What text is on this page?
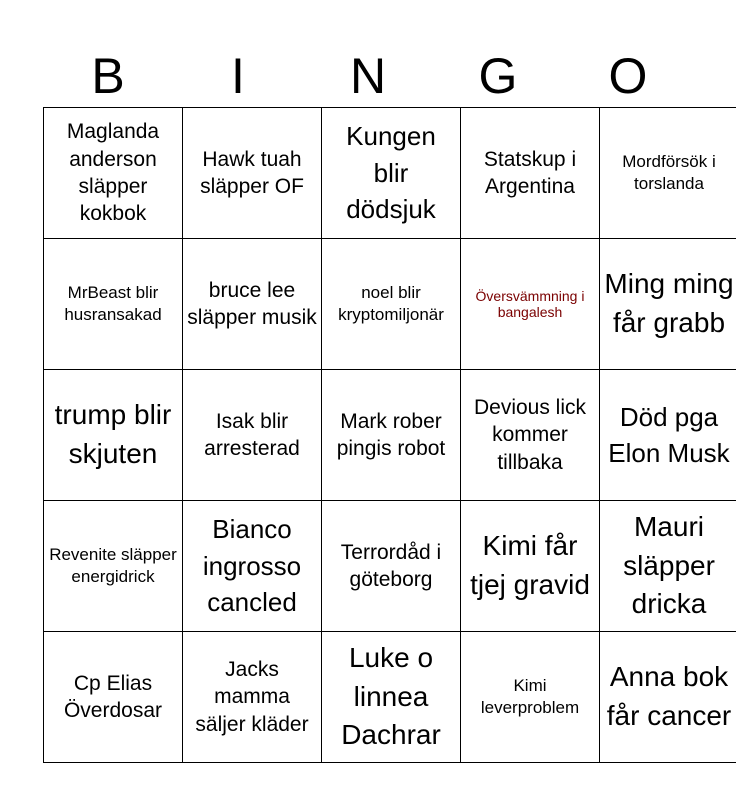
B	I	N	G	O
Maglanda anderson släpper kokbok	Hawk tuah släpper OF	Kungen blir dödsjuk	Statskup i Argentina	Mordförsök i torslanda
MrBeast blir husransakad	bruce lee släpper musik	noel blir kryptomiljonär	Översvämmning i bangalesh	Ming ming får grabb
trump blir skjuten	Isak blir arresterad	Mark rober pingis robot	Devious lick kommer tillbaka	Död pga Elon Musk
Revenite släpper energidrick	Bianco ingrosso cancled	Terrordåd i göteborg	Kimi får tjej gravid	Mauri släpper dricka
Cp Elias Överdosar	Jacks mamma säljer kläder	Luke o linnea Dachrar	Kimi leverproblem	Anna bok får cancer
